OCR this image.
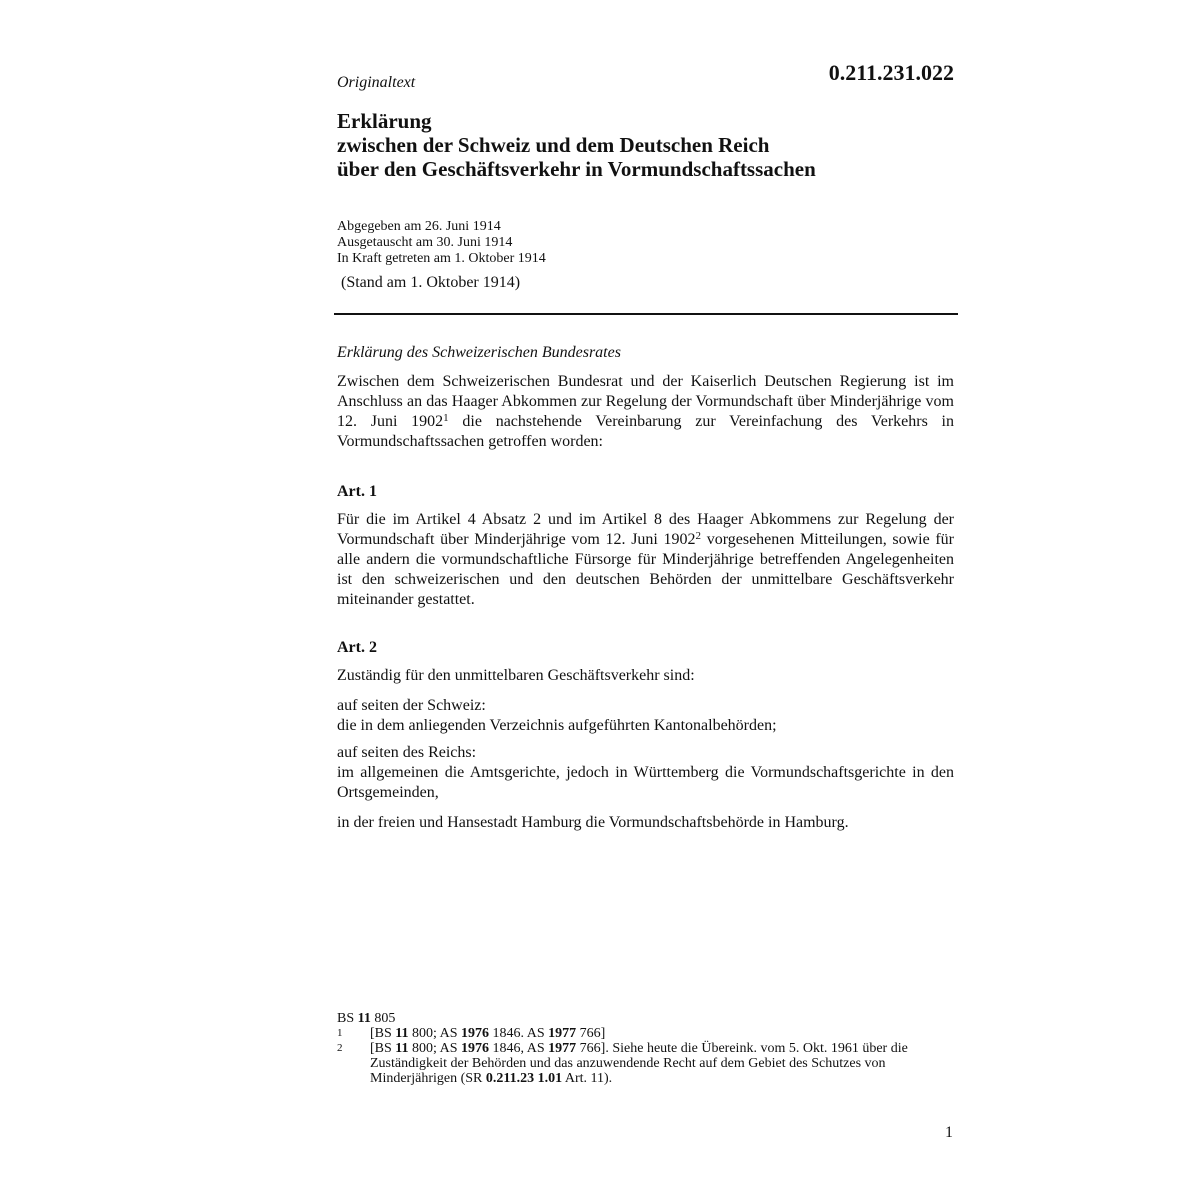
0.211.231.022
Originaltext
Erklärung
zwischen der Schweiz und dem Deutschen Reich
über den Geschäftsverkehr in Vormundschaftssachen
Abgegeben am 26. Juni 1914
Ausgetauscht am 30. Juni 1914
In Kraft getreten am 1. Oktober 1914
(Stand am 1. Oktober 1914)
Erklärung des Schweizerischen Bundesrates
Zwischen dem Schweizerischen Bundesrat und der Kaiserlich Deutschen Regierung ist im Anschluss an das Haager Abkommen zur Regelung der Vormundschaft über Minderjährige vom 12. Juni 1902$^1$ die nachstehende Vereinbarung zur Vereinfachung des Verkehrs in Vormundschaftssachen getroffen worden:
Art. 1
Für die im Artikel 4 Absatz 2 und im Artikel 8 des Haager Abkommens zur Regelung der Vormundschaft über Minderjährige vom 12. Juni 1902$^2$ vorgesehenen Mitteilungen, sowie für alle andern die vormundschaftliche Fürsorge für Minderjährige betreffenden Angelegenheiten ist den schweizerischen und den deutschen Behörden der unmittelbare Geschäftsverkehr miteinander gestattet.
Art. 2
Zuständig für den unmittelbaren Geschäftsverkehr sind:
auf seiten der Schweiz:
die in dem anliegenden Verzeichnis aufgeführten Kantonalbehörden;
auf seiten des Reichs:
im allgemeinen die Amtsgerichte, jedoch in Württemberg die Vormundschaftsgerichte in den Ortsgemeinden,
in der freien und Hansestadt Hamburg die Vormundschaftsbehörde in Hamburg.
BS 11 805
1	[BS 11 800; AS 1976 1846. AS 1977 766]
2	[BS 11 800; AS 1976 1846, AS 1977 766]. Siehe heute die Übereink. vom 5. Okt. 1961 über die Zuständigkeit der Behörden und das anzuwendende Recht auf dem Gebiet des Schutzes von Minderjährigen (SR 0.211.23 1.01 Art. 11).
1
